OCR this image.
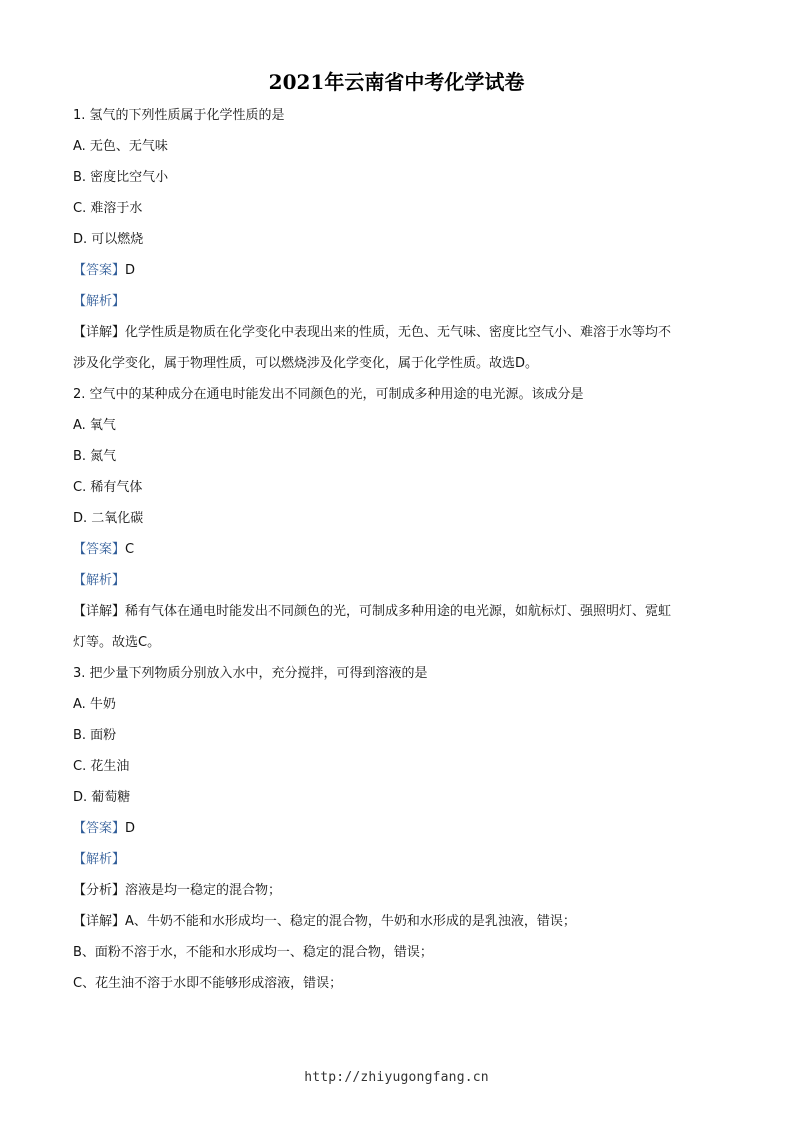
2021年云南省中考化学试卷
1. 氢气的下列性质属于化学性质的是
A. 无色、无气味
B. 密度比空气小
C. 难溶于水
D. 可以燃烧
【答案】D
【解析】
【详解】化学性质是物质在化学变化中表现出来的性质，无色、无气味、密度比空气小、难溶于水等均不
涉及化学变化，属于物理性质，可以燃烧涉及化学变化，属于化学性质。故选D。
2. 空气中的某种成分在通电时能发出不同颜色的光，可制成多种用途的电光源。该成分是
A. 氧气
B. 氮气
C. 稀有气体
D. 二氧化碳
【答案】C
【解析】
【详解】稀有气体在通电时能发出不同颜色的光，可制成多种用途的电光源，如航标灯、强照明灯、霓虹
灯等。故选C。
3. 把少量下列物质分别放入水中，充分搅拌，可得到溶液的是
A. 牛奶
B. 面粉
C. 花生油
D. 葡萄糖
【答案】D
【解析】
【分析】溶液是均一稳定的混合物；
【详解】A、牛奶不能和水形成均一、稳定的混合物，牛奶和水形成的是乳浊液，错误；
B、面粉不溶于水，不能和水形成均一、稳定的混合物，错误；
C、花生油不溶于水即不能够形成溶液，错误；
http://zhiyugongfang.cn
